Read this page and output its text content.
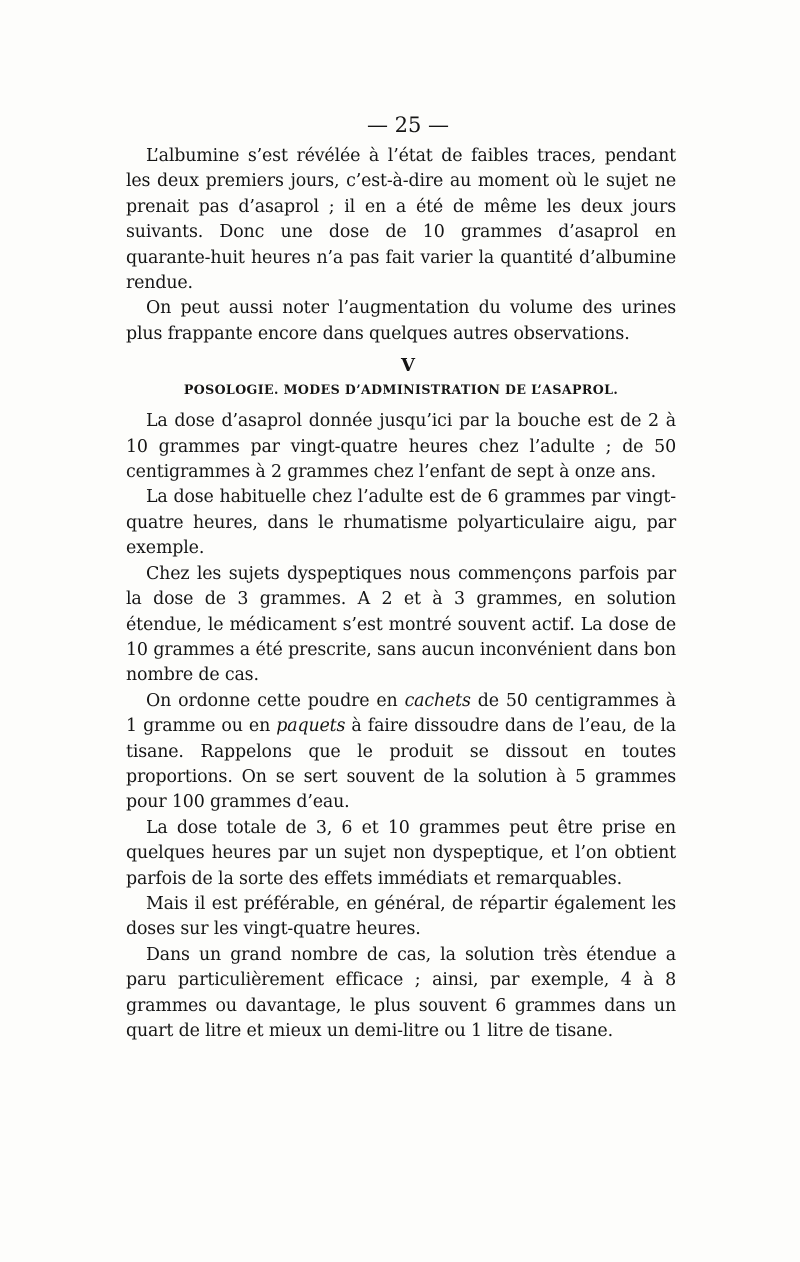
— 25 —

L’albumine s’est révélée à l’état de faibles traces, pendant les deux premiers jours, c’est-à-dire au moment où le sujet ne prenait pas d’asaprol ; il en a été de même les deux jours suivants. Donc une dose de 10 grammes d’asaprol en quarante-huit heures n’a pas fait varier la quantité d’albumine rendue.

On peut aussi noter l’augmentation du volume des urines plus frappante encore dans quelques autres observations.

V
POSOLOGIE. MODES D’ADMINISTRATION DE L’ASAPROL.

La dose d’asaprol donnée jusqu’ici par la bouche est de 2 à 10 grammes par vingt-quatre heures chez l’adulte ; de 50 centigrammes à 2 grammes chez l’enfant de sept à onze ans.

La dose habituelle chez l’adulte est de 6 grammes par vingt-quatre heures, dans le rhumatisme polyarticulaire aigu, par exemple.

Chez les sujets dyspeptiques nous commençons parfois par la dose de 3 grammes. A 2 et à 3 grammes, en solution étendue, le médicament s’est montré souvent actif. La dose de 10 grammes a été prescrite, sans aucun inconvénient dans bon nombre de cas.

On ordonne cette poudre en cachets de 50 centigrammes à 1 gramme ou en paquets à faire dissoudre dans de l’eau, de la tisane. Rappelons que le produit se dissout en toutes proportions. On se sert souvent de la solution à 5 grammes pour 100 grammes d’eau.

La dose totale de 3, 6 et 10 grammes peut être prise en quelques heures par un sujet non dyspeptique, et l’on obtient parfois de la sorte des effets immédiats et remarquables.

Mais il est préférable, en général, de répartir également les doses sur les vingt-quatre heures.

Dans un grand nombre de cas, la solution très étendue a paru particulièrement efficace ; ainsi, par exemple, 4 à 8 grammes ou davantage, le plus souvent 6 grammes dans un quart de litre et mieux un demi-litre ou 1 litre de tisane.
